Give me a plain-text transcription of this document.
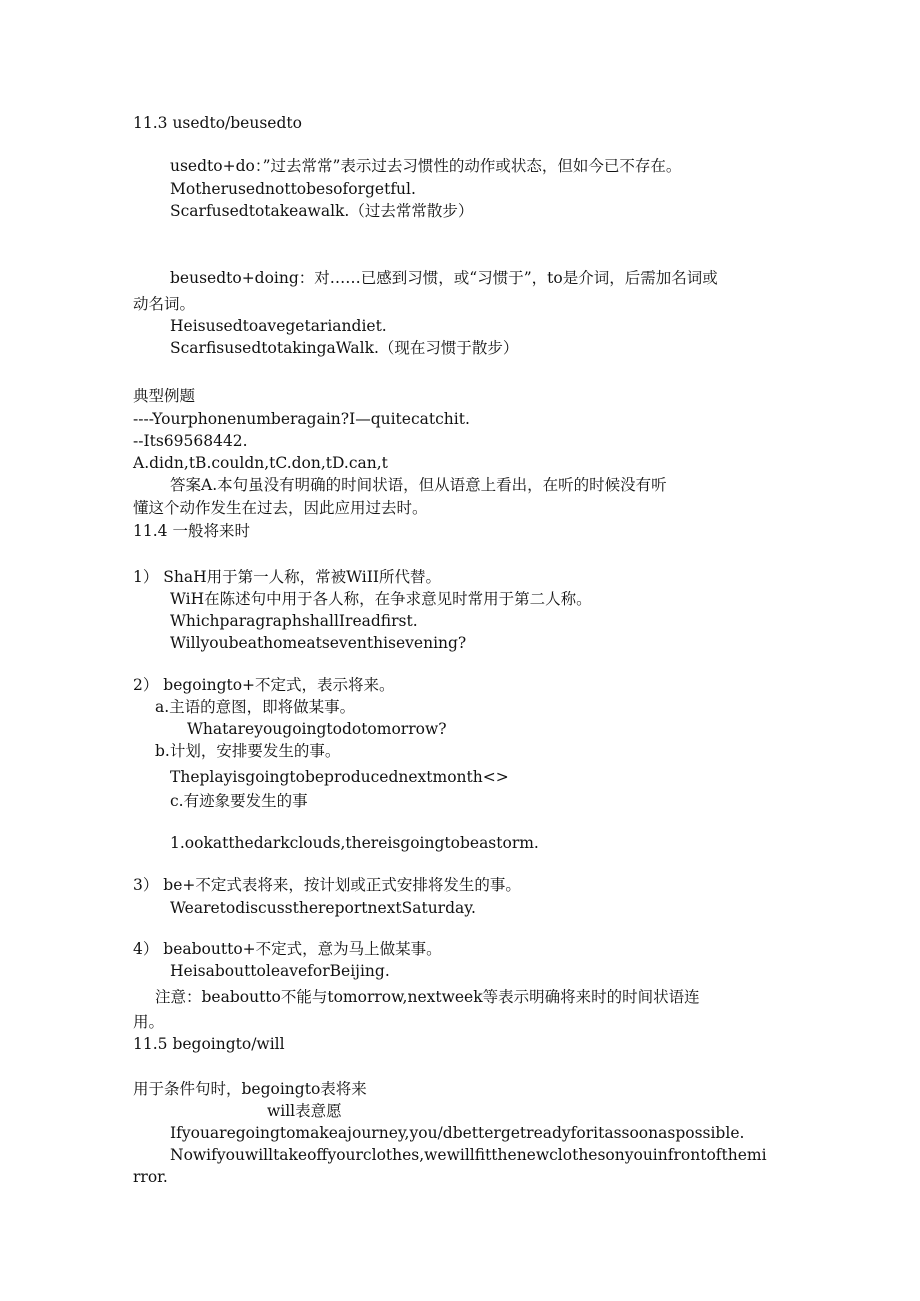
11.3 usedto/beusedto
usedto+do：”过去常常”表示过去习惯性的动作或状态，但如今已不存在。
Motherusednottobesoforgetful.
Scarfusedtotakeawalk.（过去常常散步）
beusedto+doing：对……已感到习惯，或“习惯于”，to是介词，后需加名词或
动名词。
Heisusedtoavegetariandiet.
ScarfisusedtotakingaWalk.（现在习惯于散步）
典型例题
----Yourphonenumberagain?I—quitecatchit.
--Its69568442.
A.didn,tB.couldn,tC.don,tD.can,t
答案A.本句虽没有明确的时间状语，但从语意上看出，在听的时候没有听
懂这个动作发生在过去，因此应用过去时。
11.4 一般将来时
1） ShaH用于第一人称，常被WiII所代替。
WiH在陈述句中用于各人称，在争求意见时常用于第二人称。
WhichparagraphshallIreadfirst.
Willyoubeathomeatseventhisevening?
2） begoingto+不定式，表示将来。
a.主语的意图，即将做某事。
Whatareyougoingtodotomorrow?
b.计划，安排要发生的事。
Theplayisgoingtobeproducednextmonth<>
c.有迹象要发生的事
1.ookatthedarkclouds,thereisgoingtobeastorm.
3） be+不定式表将来，按计划或正式安排将发生的事。
WearetodiscussthereportnextSaturday.
4） beaboutto+不定式，意为马上做某事。
HeisabouttoleaveforBeijing.
注意：beaboutto不能与tomorrow,nextweek等表示明确将来时的时间状语连
用。
11.5 begoingto/will
用于条件句时，begoingto表将来
will表意愿
Ifyouaregoingtomakeajourney,you/dbettergetreadyforitassoonaspossible.
Nowifyouwilltakeoffyourclothes,wewillfitthenewclothesonyouinfrontofthemi
rror.
